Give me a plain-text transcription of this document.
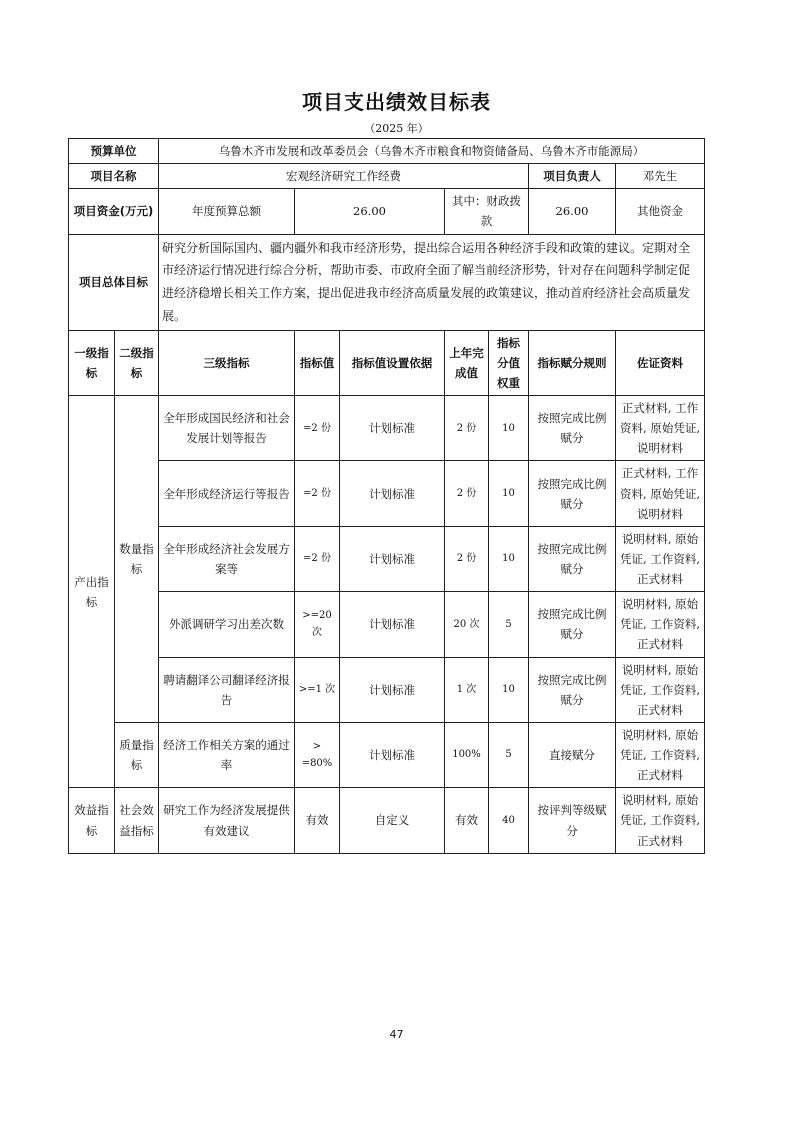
项目支出绩效目标表
（2025 年）
预算单位		乌鲁木齐市发展和改革委员会（乌鲁木齐市粮食和物资储备局、乌鲁木齐市能源局）						
项目名称		宏观经济研究工作经费					项目负责人	邓先生
项目资金(万元)		年度预算总额	26.00		其中：财政拨款		26.00	其他资金
项目总体目标		研究分析国际国内、疆内疆外和我市经济形势，提出综合运用各种经济手段和政策的建议。定期对全市经济运行情况进行综合分析，帮助市委、市政府全面了解当前经济形势，针对存在问题科学制定促进经济稳增长相关工作方案，提出促进我市经济高质量发展的政策建议，推动首府经济社会高质量发展。						
一级指标	二级指标	三级指标	指标值	指标值设置依据	上年完成值	指标分值权重	指标赋分规则	佐证资料
产出指标	数量指标	全年形成国民经济和社会发展计划等报告	=2 份	计划标准	2 份	10	按照完成比例赋分	正式材料, 工作资料, 原始凭证, 说明材料
		全年形成经济运行等报告	=2 份	计划标准	2 份	10	按照完成比例赋分	正式材料, 工作资料, 原始凭证, 说明材料
		全年形成经济社会发展方案等	=2 份	计划标准	2 份	10	按照完成比例赋分	说明材料, 原始凭证, 工作资料, 正式材料
		外派调研学习出差次数	>=20 次	计划标准	20 次	5	按照完成比例赋分	说明材料, 原始凭证, 工作资料, 正式材料
		聘请翻译公司翻译经济报告	>=1 次	计划标准	1 次	10	按照完成比例赋分	说明材料, 原始凭证, 工作资料, 正式材料
	质量指标	经济工作相关方案的通过率	> =80%	计划标准	100%	5	直接赋分	说明材料, 原始凭证, 工作资料, 正式材料
效益指标	社会效益指标	研究工作为经济发展提供有效建议	有效	自定义	有效	40	按评判等级赋分	说明材料, 原始凭证, 工作资料, 正式材料
47
